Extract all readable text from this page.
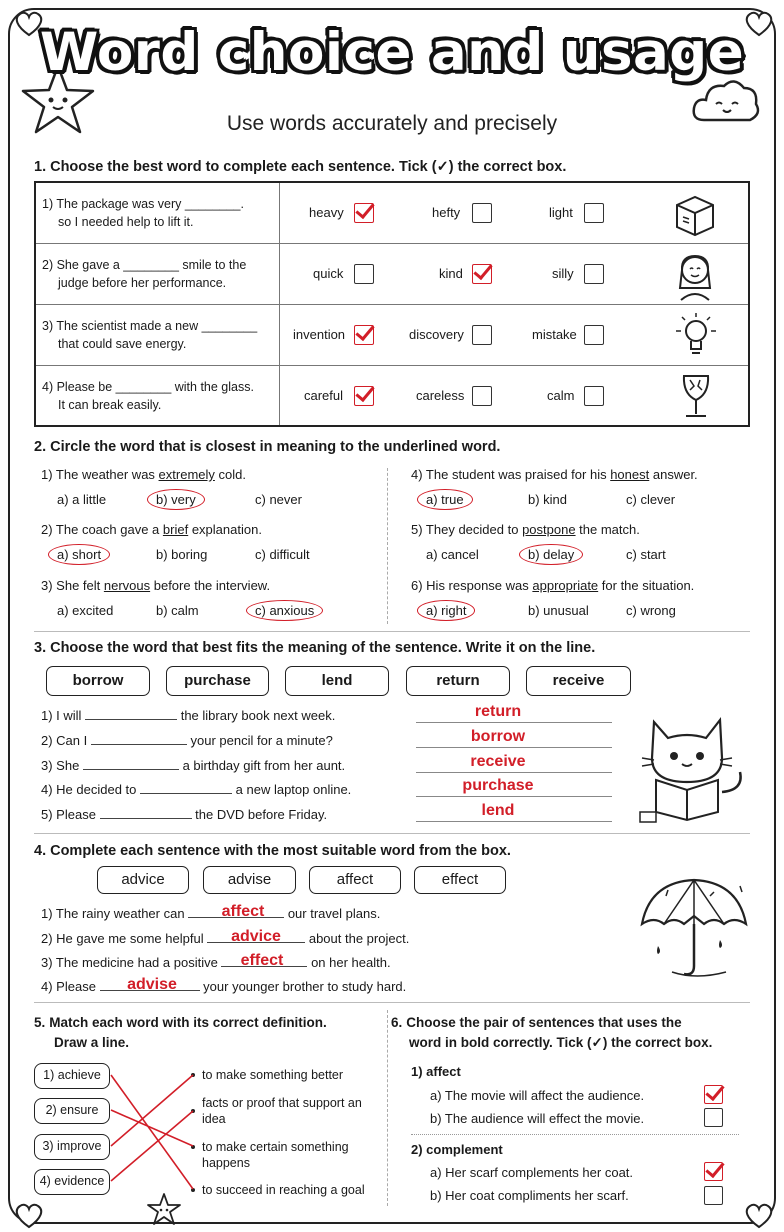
Word choice and usage
Use words accurately and precisely
1. Choose the best word to complete each sentence. Tick (✓) the correct box.
1) The package was very ________.
so I needed help to lift it.
heavy	hefty	light
2) She gave a ________ smile to the
judge before her performance.
quick	kind	silly
3) The scientist made a new ________
that could save energy.
invention	discovery	mistake
4) Please be ________ with the glass.
It can break easily.
careful	careless	calm
2. Circle the word that is closest in meaning to the underlined word.
1) The weather was extremely cold.
a) a little	b) very	c) never
2) The coach gave a brief explanation.
a) short	b) boring	c) difficult
3) She felt nervous before the interview.
a) excited	b) calm	c) anxious
4) The student was praised for his honest answer.
a) true	b) kind	c) clever
5) They decided to postpone the match.
a) cancel	b) delay	c) start
6) His response was appropriate for the situation.
a) right	b) unusual	c) wrong
3. Choose the word that best fits the meaning of the sentence. Write it on the line.
borrow	purchase	lend	return	receive
1) I will	the library book next week.
2) Can I	your pencil for a minute?
3) She	a birthday gift from her aunt.
4) He decided to	a new laptop online.
5) Please	the DVD before Friday.
return
borrow
receive
purchase
lend
4. Complete each sentence with the most suitable word from the box.
advice	advise	affect	effect
1) The rainy weather can	our travel plans.
2) He gave me some helpful	about the project.
3) The medicine had a positive	on her health.
4) Please	your younger brother to study hard.
affect
advice
effect
advise
5. Match each word with its correct definition.
Draw a line.
1) achieve
2) ensure
3) improve
4) evidence
to make something better
facts or proof that support an idea
to make certain something happens
to succeed in reaching a goal
6. Choose the pair of sentences that uses the
word in bold correctly. Tick (✓) the correct box.
1) affect
a) The movie will affect the audience.
b) The audience will effect the movie.
2) complement
a) Her scarf complements her coat.
b) Her coat compliments her scarf.
